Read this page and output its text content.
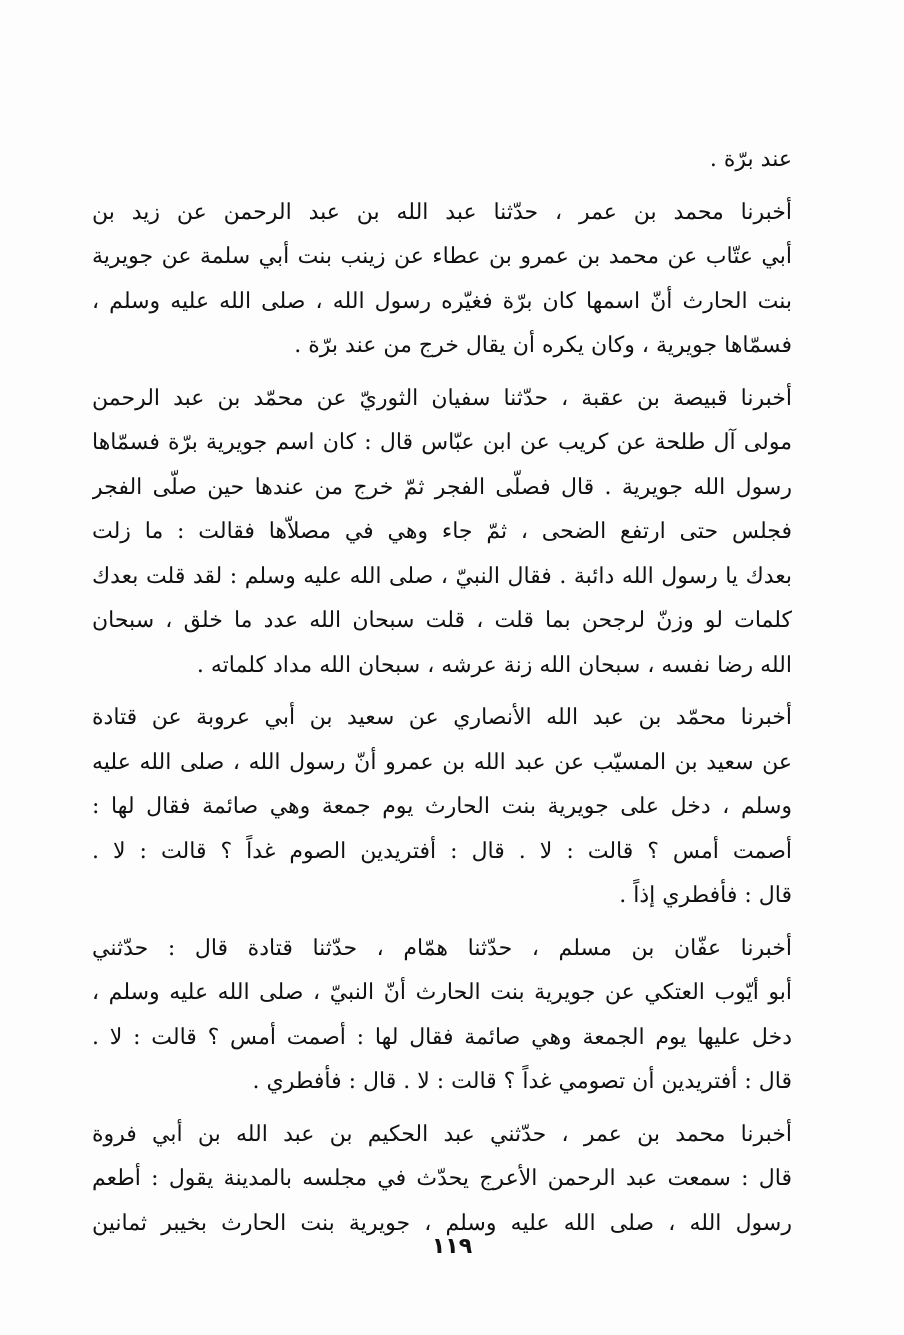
عند برّة .
أخبرنا محمد بن عمر ، حدّثنا عبد الله بن عبد الرحمن عن زيد بن
أبي عتّاب عن محمد بن عمرو بن عطاء عن زينب بنت أبي سلمة عن جويرية
بنت الحارث أنّ اسمها كان برّة فغيّره رسول الله ، صلى الله عليه وسلم ،
فسمّاها جويرية ، وكان يكره أن يقال خرج من عند برّة .
أخبرنا قبيصة بن عقبة ، حدّثنا سفيان الثوريّ عن محمّد بن عبد الرحمن
مولى آل طلحة عن كريب عن ابن عبّاس قال : كان اسم جويرية برّة فسمّاها
رسول الله جويرية . قال فصلّى الفجر ثمّ خرج من عندها حين صلّى الفجر
فجلس حتى ارتفع الضحى ، ثمّ جاء وهي في مصلاّها فقالت : ما زلت
بعدك يا رسول الله دائبة . فقال النبيّ ، صلى الله عليه وسلم : لقد قلت بعدك
كلمات لو وزنّ لرجحن بما قلت ، قلت سبحان الله عدد ما خلق ، سبحان
الله رضا نفسه ، سبحان الله زنة عرشه ، سبحان الله مداد كلماته .
أخبرنا محمّد بن عبد الله الأنصاري عن سعيد بن أبي عروبة عن قتادة
عن سعيد بن المسيّب عن عبد الله بن عمرو أنّ رسول الله ، صلى الله عليه
وسلم ، دخل على جويرية بنت الحارث يوم جمعة وهي صائمة فقال لها :
أصمت أمس ؟ قالت : لا . قال : أفتريدين الصوم غداً ؟ قالت : لا .
قال : فأفطري إذاً .
أخبرنا عفّان بن مسلم ، حدّثنا همّام ، حدّثنا قتادة قال : حدّثني
أبو أيّوب العتكي عن جويرية بنت الحارث أنّ النبيّ ، صلى الله عليه وسلم ،
دخل عليها يوم الجمعة وهي صائمة فقال لها : أصمت أمس ؟ قالت : لا .
قال : أفتريدين أن تصومي غداً ؟ قالت : لا . قال : فأفطري .
أخبرنا محمد بن عمر ، حدّثني عبد الحكيم بن عبد الله بن أبي فروة
قال : سمعت عبد الرحمن الأعرج يحدّث في مجلسه بالمدينة يقول : أطعم
رسول الله ، صلى الله عليه وسلم ، جويرية بنت الحارث بخيبر ثمانين
١١٩
